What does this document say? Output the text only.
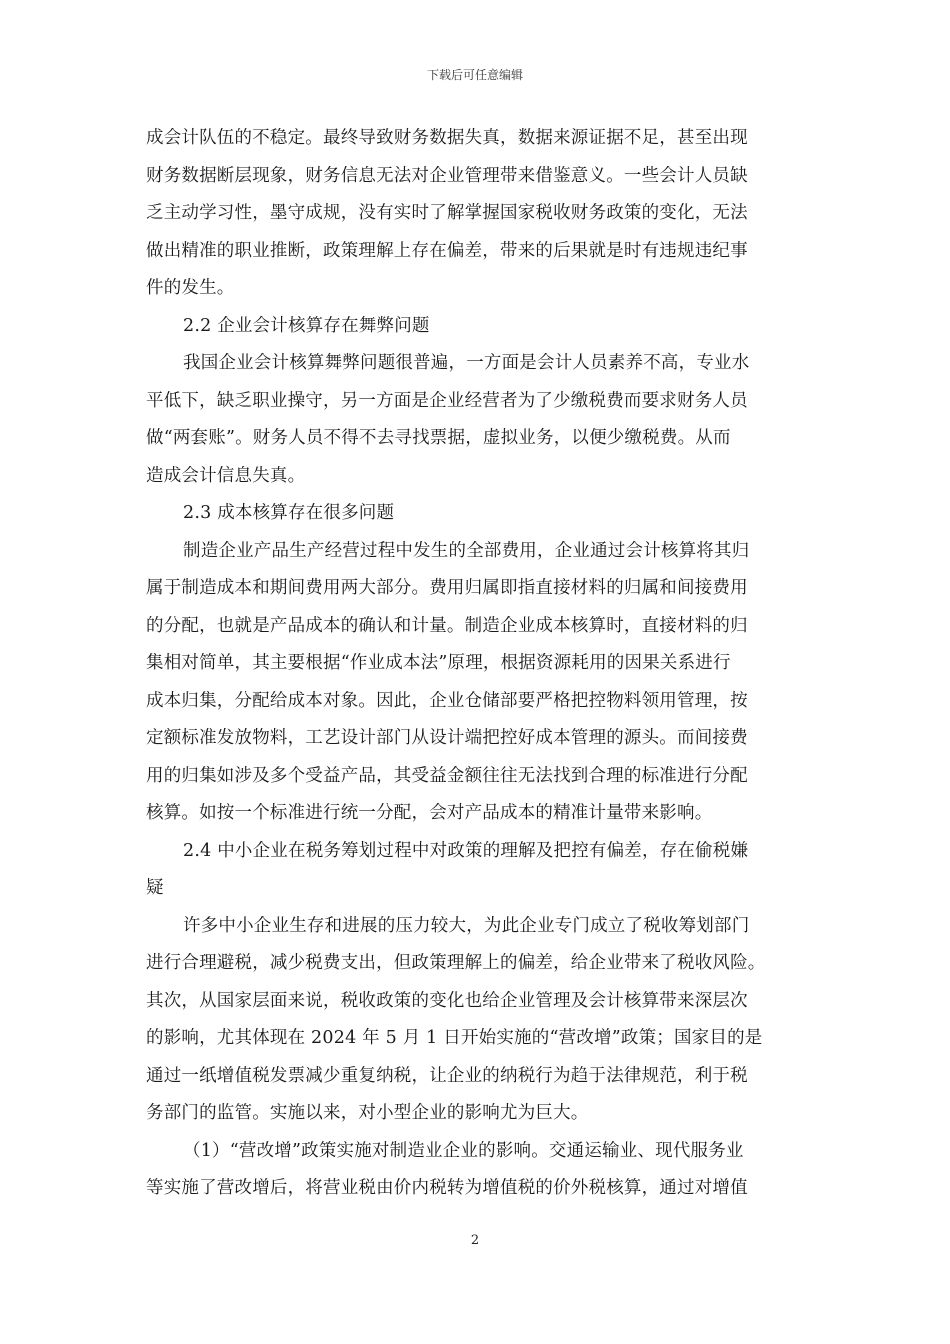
下载后可任意编辑
成会计队伍的不稳定。最终导致财务数据失真，数据来源证据不足，甚至出现
财务数据断层现象，财务信息无法对企业管理带来借鉴意义。一些会计人员缺
乏主动学习性，墨守成规，没有实时了解掌握国家税收财务政策的变化，无法
做出精准的职业推断，政策理解上存在偏差，带来的后果就是时有违规违纪事
件的发生。
2.2 企业会计核算存在舞弊问题
我国企业会计核算舞弊问题很普遍，一方面是会计人员素养不高，专业水
平低下，缺乏职业操守，另一方面是企业经营者为了少缴税费而要求财务人员
做“两套账”。财务人员不得不去寻找票据，虚拟业务，以便少缴税费。从而
造成会计信息失真。
2.3 成本核算存在很多问题
制造企业产品生产经营过程中发生的全部费用，企业通过会计核算将其归
属于制造成本和期间费用两大部分。费用归属即指直接材料的归属和间接费用
的分配，也就是产品成本的确认和计量。制造企业成本核算时，直接材料的归
集相对简单，其主要根据“作业成本法”原理，根据资源耗用的因果关系进行
成本归集，分配给成本对象。因此，企业仓储部要严格把控物料领用管理，按
定额标准发放物料，工艺设计部门从设计端把控好成本管理的源头。而间接费
用的归集如涉及多个受益产品，其受益金额往往无法找到合理的标准进行分配
核算。如按一个标准进行统一分配，会对产品成本的精准计量带来影响。
2.4 中小企业在税务筹划过程中对政策的理解及把控有偏差，存在偷税嫌
疑
许多中小企业生存和进展的压力较大，为此企业专门成立了税收筹划部门
进行合理避税，减少税费支出，但政策理解上的偏差，给企业带来了税收风险。
其次，从国家层面来说，税收政策的变化也给企业管理及会计核算带来深层次
的影响，尤其体现在 2024 年 5 月 1 日开始实施的“营改增”政策；国家目的是
通过一纸增值税发票减少重复纳税，让企业的纳税行为趋于法律规范，利于税
务部门的监管。实施以来，对小型企业的影响尤为巨大。
（1）“营改增”政策实施对制造业企业的影响。交通运输业、现代服务业
等实施了营改增后，将营业税由价内税转为增值税的价外税核算，通过对增值
2
